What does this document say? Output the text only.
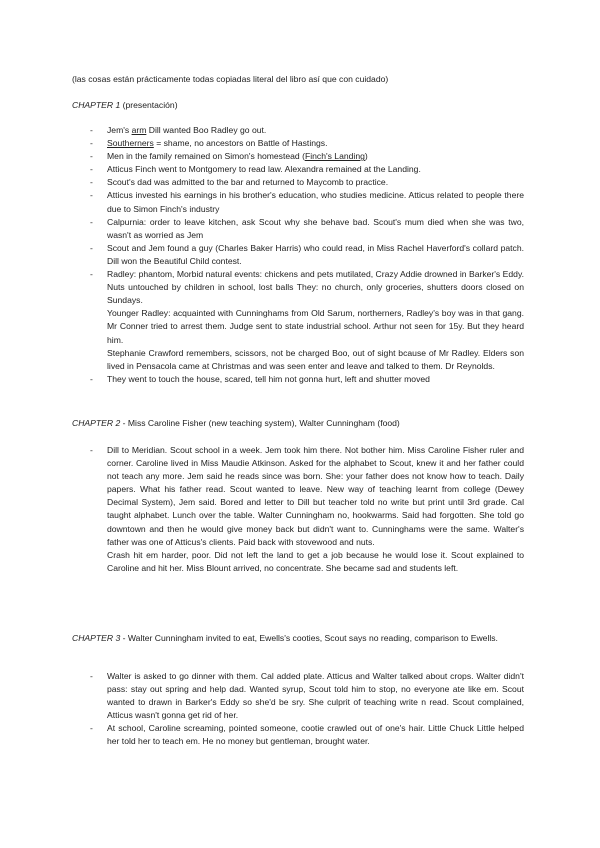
(las cosas están prácticamente todas copiadas literal del libro así que con cuidado)
CHAPTER 1 (presentación)
- Jem's arm Dill wanted Boo Radley go out.
- Southerners = shame, no ancestors on Battle of Hastings.
- Men in the family remained on Simon's homestead (Finch's Landing)
- Atticus Finch went to Montgomery to read law. Alexandra remained at the Landing.
- Scout's dad was admitted to the bar and returned to Maycomb to practice.
- Atticus invested his earnings in his brother's education, who studies medicine. Atticus related to people there due to Simon Finch's industry
- Calpurnia: order to leave kitchen, ask Scout why she behave bad. Scout's mum died when she was two, wasn't as worried as Jem
- Scout and Jem found a guy (Charles Baker Harris) who could read, in Miss Rachel Haverford's collard patch. Dill won the Beautiful Child contest.
- Radley: phantom, Morbid natural events: chickens and pets mutilated, Crazy Addie drowned in Barker's Eddy. Nuts untouched by children in school, lost balls They: no church, only groceries, shutters doors closed on Sundays.
Younger Radley: acquainted with Cunninghams from Old Sarum, northerners, Radley's boy was in that gang. Mr Conner tried to arrest them. Judge sent to state industrial school. Arthur not seen for 15y. But they heard him.
Stephanie Crawford remembers, scissors, not be charged Boo, out of sight bcause of Mr Radley. Elders son lived in Pensacola came at Christmas and was seen enter and leave and talked to them. Dr Reynolds.
- They went to touch the house, scared, tell him not gonna hurt, left and shutter moved
CHAPTER 2 - Miss Caroline Fisher (new teaching system), Walter Cunningham (food)
- Dill to Meridian. Scout school in a week. Jem took him there. Not bother him. Miss Caroline Fisher ruler and corner. Caroline lived in Miss Maudie Atkinson. Asked for the alphabet to Scout, knew it and her father could not teach any more. Jem said he reads since was born. She: your father does not know how to teach. Daily papers. What his father read. Scout wanted to leave. New way of teaching learnt from college (Dewey Decimal System), Jem said. Bored and letter to Dill but teacher told no write but print until 3rd grade. Cal taught alphabet. Lunch over the table. Walter Cunningham no, hookwarms. Said had forgotten. She told go downtown and then he would give money back but didn't want to. Cunninghams were the same. Walter's father was one of Atticus's clients. Paid back with stovewood and nuts.
Crash hit em harder, poor. Did not left the land to get a job because he would lose it. Scout explained to Caroline and hit her. Miss Blount arrived, no concentrate. She became sad and students left.
CHAPTER 3 - Walter Cunningham invited to eat, Ewells's cooties, Scout says no reading, comparison to Ewells.
- Walter is asked to go dinner with them. Cal added plate. Atticus and Walter talked about crops. Walter didn't pass: stay out spring and help dad. Wanted syrup, Scout told him to stop, no everyone ate like em. Scout wanted to drawn in Barker's Eddy so she'd be sry. She culprit of teaching write n read. Scout complained, Atticus wasn't gonna get rid of her.
- At school, Caroline screaming, pointed someone, cootie crawled out of one's hair. Little Chuck Little helped her told her to teach em. He no money but gentleman, brought water.
